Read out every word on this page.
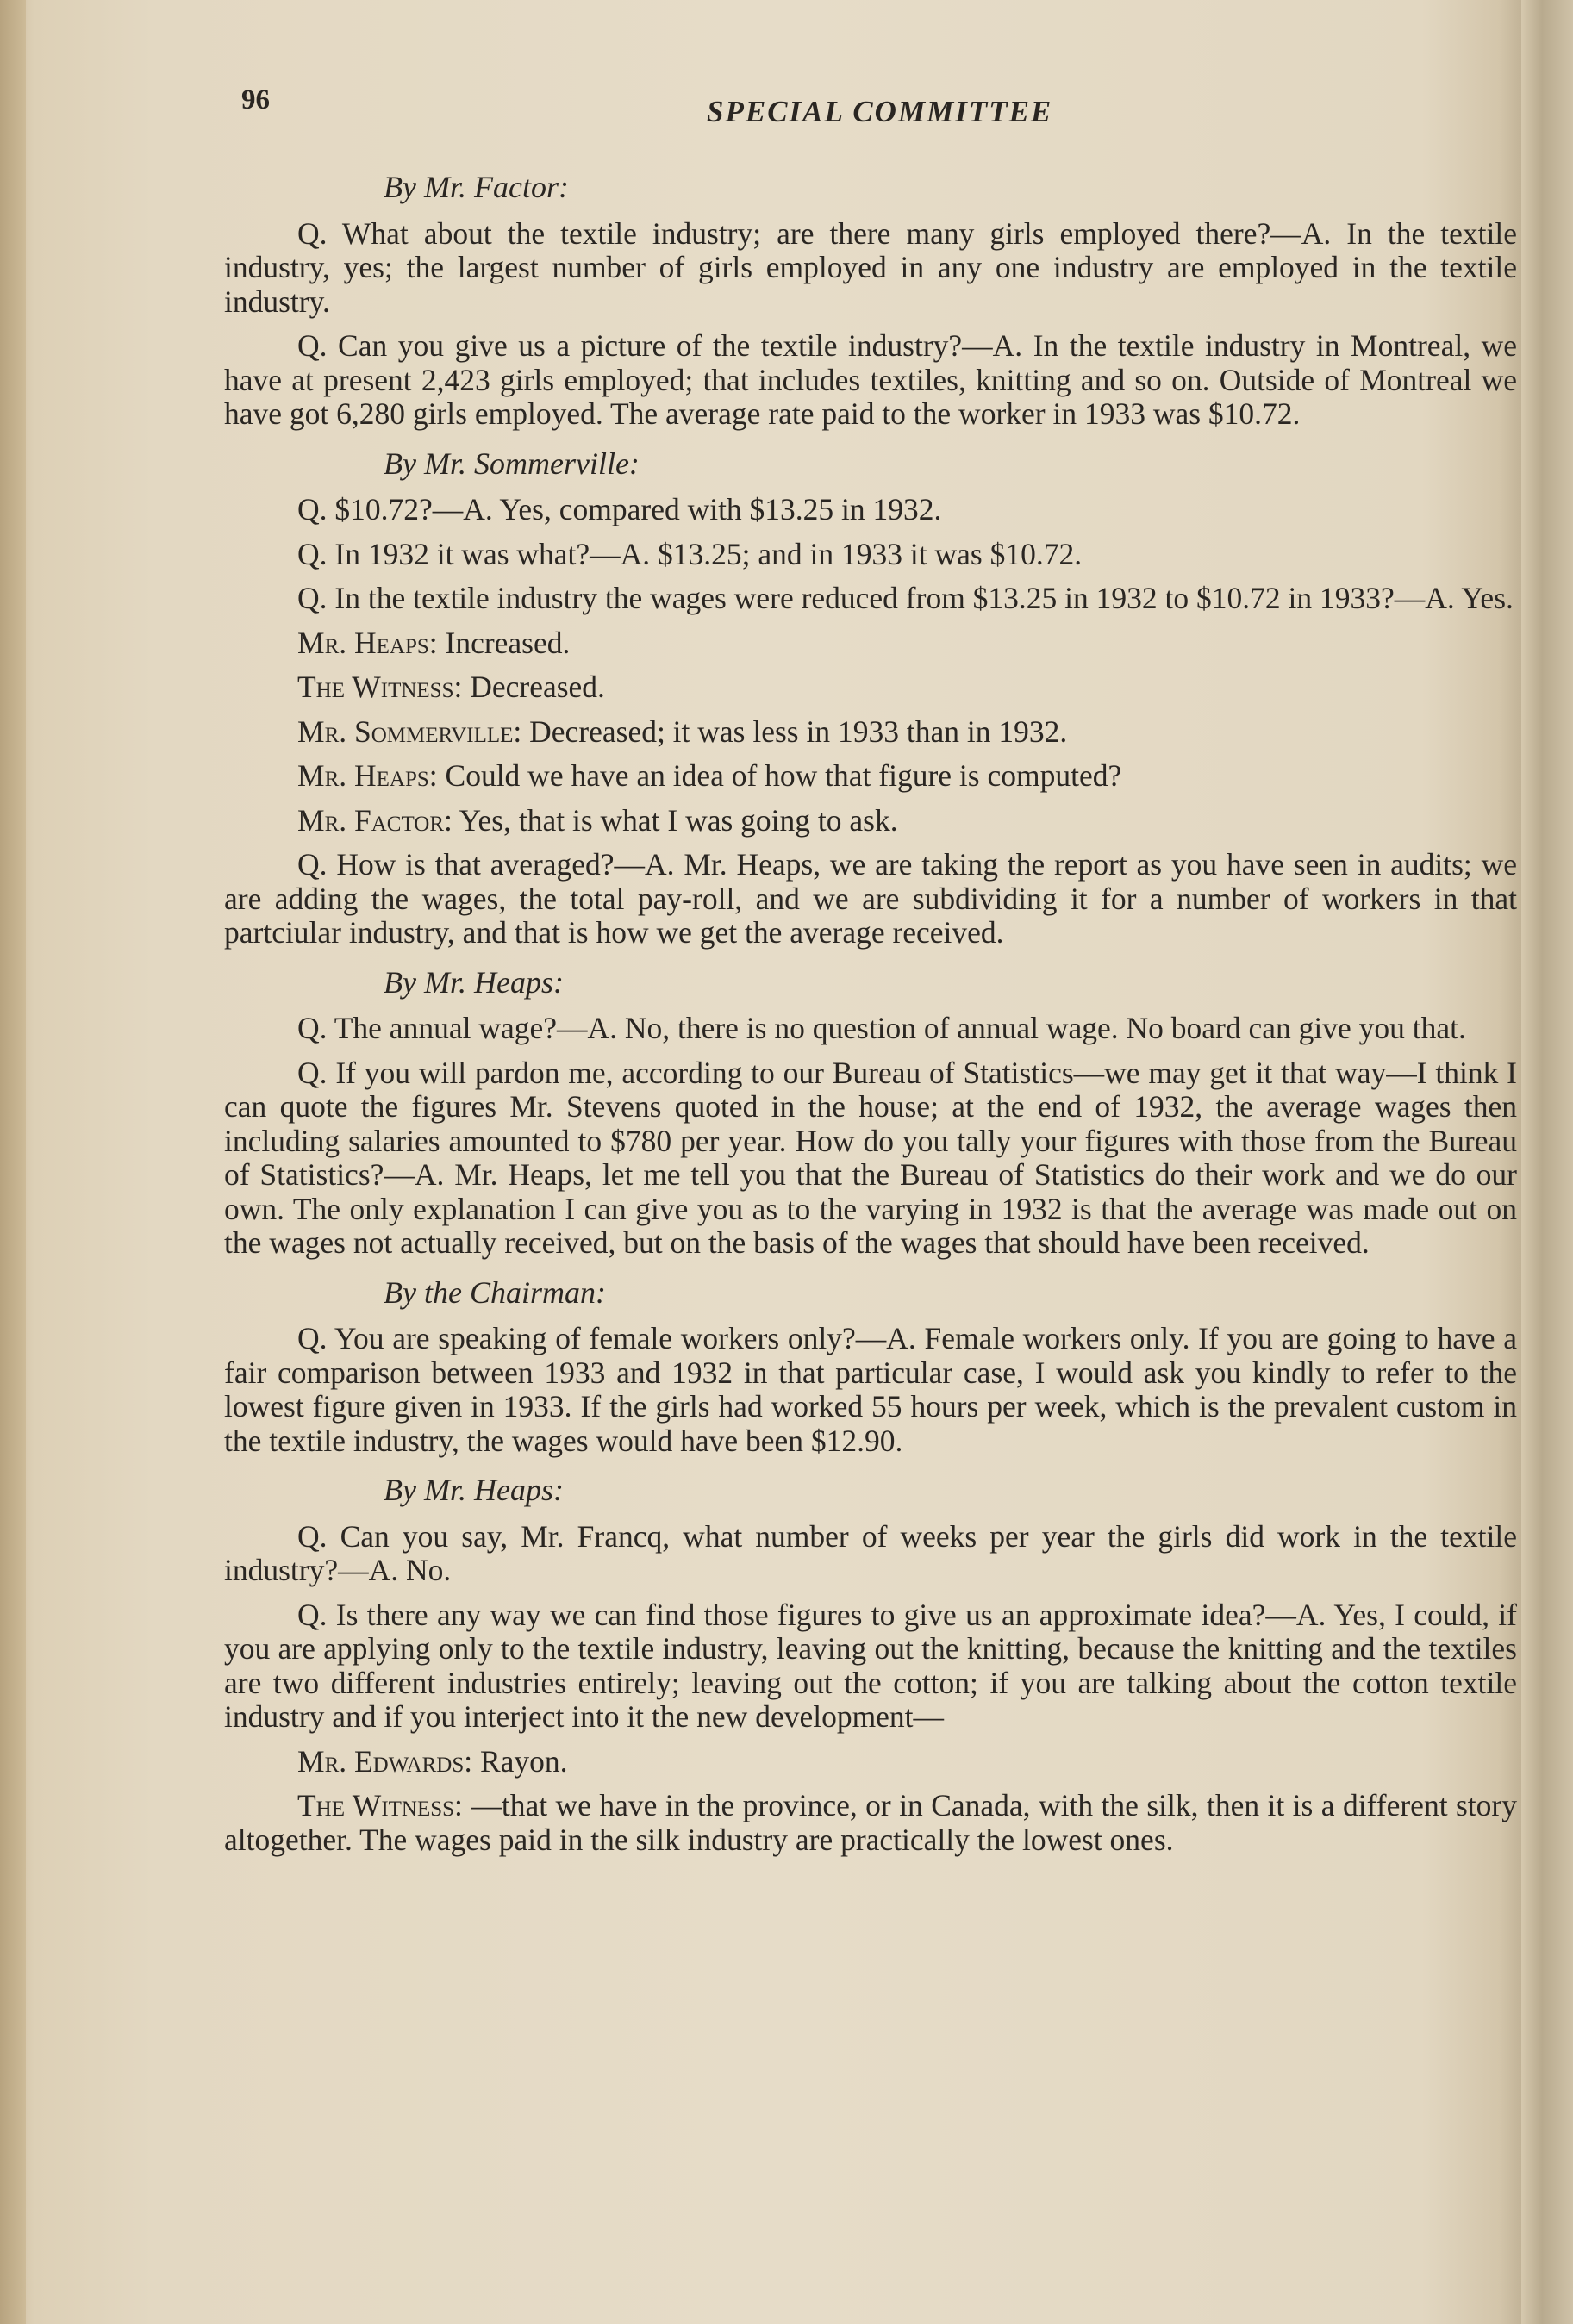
96	SPECIAL COMMITTEE
By Mr. Factor:

Q. What about the textile industry; are there many girls employed there?—A. In the textile industry, yes; the largest number of girls employed in any one industry are employed in the textile industry.

Q. Can you give us a picture of the textile industry?—A. In the textile industry in Montreal, we have at present 2,423 girls employed; that includes textiles, knitting and so on. Outside of Montreal we have got 6,280 girls employed. The average rate paid to the worker in 1933 was $10.72.

By Mr. Sommerville:

Q. $10.72?—A. Yes, compared with $13.25 in 1932.

Q. In 1932 it was what?—A. $13.25; and in 1933 it was $10.72.

Q. In the textile industry the wages were reduced from $13.25 in 1932 to $10.72 in 1933?—A. Yes.

Mr. Heaps: Increased.

The Witness: Decreased.

Mr. Sommerville: Decreased; it was less in 1933 than in 1932.

Mr. Heaps: Could we have an idea of how that figure is computed?

Mr. Factor: Yes, that is what I was going to ask.

Q. How is that averaged?—A. Mr. Heaps, we are taking the report as you have seen in audits; we are adding the wages, the total pay-roll, and we are subdividing it for a number of workers in that partciular industry, and that is how we get the average received.

By Mr. Heaps:

Q. The annual wage?—A. No, there is no question of annual wage. No board can give you that.

Q. If you will pardon me, according to our Bureau of Statistics—we may get it that way—I think I can quote the figures Mr. Stevens quoted in the house; at the end of 1932, the average wages then including salaries amounted to $780 per year. How do you tally your figures with those from the Bureau of Statistics?—A. Mr. Heaps, let me tell you that the Bureau of Statistics do their work and we do our own. The only explanation I can give you as to the varying in 1932 is that the average was made out on the wages not actually received, but on the basis of the wages that should have been received.

By the Chairman:

Q. You are speaking of female workers only?—A. Female workers only. If you are going to have a fair comparison between 1933 and 1932 in that particular case, I would ask you kindly to refer to the lowest figure given in 1933. If the girls had worked 55 hours per week, which is the prevalent custom in the textile industry, the wages would have been $12.90.

By Mr. Heaps:

Q. Can you say, Mr. Francq, what number of weeks per year the girls did work in the textile industry?—A. No.

Q. Is there any way we can find those figures to give us an approximate idea?—A. Yes, I could, if you are applying only to the textile industry, leaving out the knitting, because the knitting and the textiles are two different industries entirely; leaving out the cotton; if you are talking about the cotton textile industry and if you interject into it the new development—

Mr. Edwards: Rayon.

The Witness: —that we have in the province, or in Canada, with the silk, then it is a different story altogether. The wages paid in the silk industry are practically the lowest ones.
